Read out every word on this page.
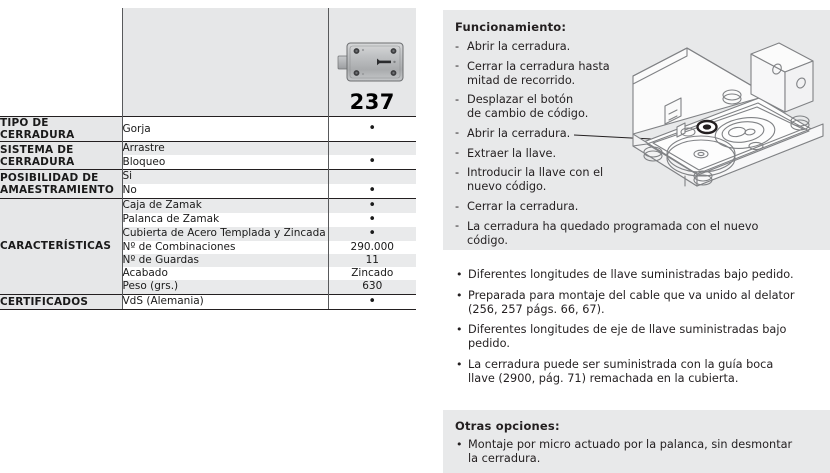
		237

TIPO DE CERRADURA	Gorja	•
SISTEMA DE CERRADURA	Arrastre	
	Bloqueo	•
POSIBILIDAD DE AMAESTRAMIENTO	Si	
	No	•
CARACTERÍSTICAS	Caja de Zamak	•
	Palanca de Zamak	•
	Cubierta de Acero Templada y Zincada	•
	Nº de Combinaciones	290.000
	Nº de Guardas	11
	Acabado	Zincado
	Peso (grs.)	630
CERTIFICADOS	VdS (Alemania)	•
Funcionamiento:
- Abrir la cerradura.
- Cerrar la cerradura hasta
mitad de recorrido.
- Desplazar el botón
de cambio de código.
- Abrir la cerradura.
- Extraer la llave.
- Introducir la llave con el
nuevo código.
- Cerrar la cerradura.
- La cerradura ha quedado programada con el nuevo código.
• Diferentes longitudes de llave suministradas bajo pedido.
• Preparada para montaje del cable que va unido al delator
(256, 257 págs. 66, 67).
• Diferentes longitudes de eje de llave suministradas bajo
pedido.
• La cerradura puede ser suministrada con la guía boca
llave (2900, pág. 71) remachada en la cubierta.
Otras opciones:
• Montaje por micro actuado por la palanca, sin desmontar
la cerradura.
